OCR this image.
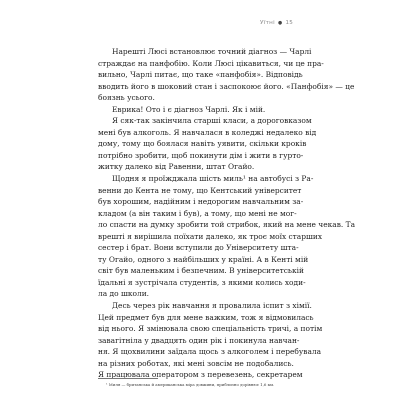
Уїтні ● 15
Нарешті Люсі встановлює точний діагноз — Чарлі
страждає на панфобію. Коли Люсі цікавиться, чи це пра-
вильно, Чарлі питає, що таке «панфобія». Відповідь
вводить його в шоковий стан і заспокоює його. «Панфобія» — це
боязнь усього.
Еврика! Ото і є діагноз Чарлі. Як і мій.
Я сяк-так закінчила старші класи, а дороговказом
мені був алкоголь. Я навчалася в коледжі недалеко від
дому, тому що боялася навіть уявити, скільки кроків
потрібно зробити, щоб покинути дім і жити в гурто-
житку далеко від Равенни, штат Огайо.
Щодня я проїжджала шість миль¹ на автобусі з Ра-
венни до Кента не тому, що Кентський університет
був хорошим, надійним і недорогим навчальним за-
кладом (а він таким і був), а тому, що мені не мог-
ло спасти на думку зробити той стрибок, який на мене чекав. Та
врешті я вирішила поїхати далеко, як троє моїх старших
сестер і брат. Вони вступили до Університету шта-
ту Огайо, одного з найбільших у країні. А в Кенті мій
світ був маленьким і безпечним. В університетській
їдальні я зустрічала студентів, з якими колись ходи-
ла до школи.
Десь через рік навчання я провалила іспит з хімії.
Цей предмет був для мене важким, тож я відмовилась
від нього. Я змінювала свою спеціальність тричі, а потім
завагітніла у двадцять один рік і покинула навчан-
ня. Я щохвилини заїдала щось з алкоголем і перебувала
на різних роботах, які мені зовсім не подобались.
Я працювала оператором з перевезень, секретарем
¹ Миля — британська й американська міра довжини, приблизно дорівнює 1,6 км.
